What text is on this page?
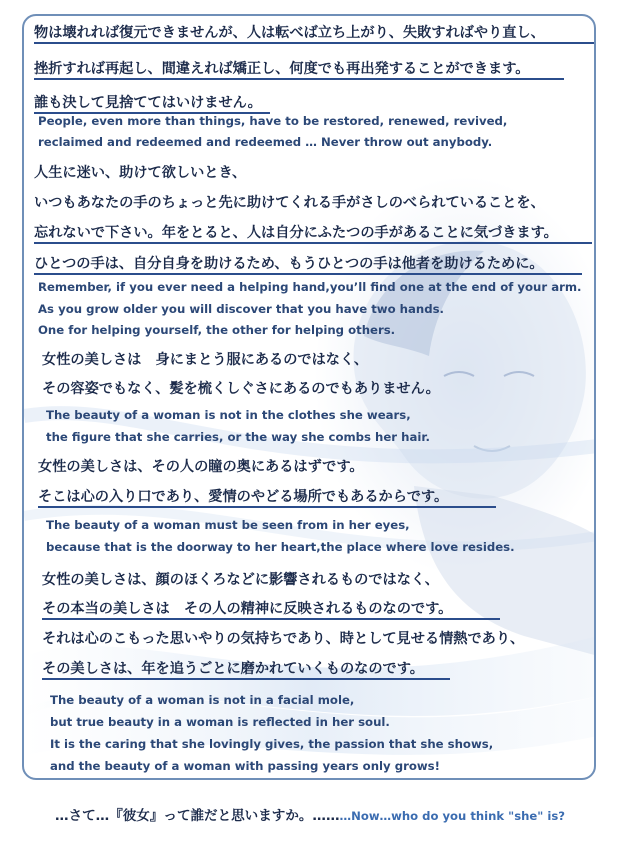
物は壊れれば復元できませんが、人は転べば立ち上がり、失敗すればやり直し、
挫折すれば再起し、間違えれば矯正し、何度でも再出発することができます。
誰も決して見捨ててはいけません。
People, even more than things, have to be restored, renewed, revived,
reclaimed and redeemed and redeemed … Never throw out anybody.
人生に迷い、助けて欲しいとき、
いつもあなたの手のちょっと先に助けてくれる手がさしのべられていることを、
忘れないで下さい。年をとると、人は自分にふたつの手があることに気づきます。
ひとつの手は、自分自身を助けるため、もうひとつの手は他者を助けるために。
Remember, if you ever need a helping hand,you’ll find one at the end of your arm.
As you grow older you will discover that you have two hands.
One for helping yourself, the other for helping others.
女性の美しさは　身にまとう服にあるのではなく、
その容姿でもなく、髪を梳くしぐさにあるのでもありません。
The beauty of a woman is not in the clothes she wears,
the figure that she carries, or the way she combs her hair.
女性の美しさは、その人の瞳の奥にあるはずです。
そこは心の入り口であり、愛情のやどる場所でもあるからです。
The beauty of a woman must be seen from in her eyes,
because that is the doorway to her heart,the place where love resides.
女性の美しさは、顔のほくろなどに影響されるものではなく、
その本当の美しさは　その人の精神に反映されるものなのです。
それは心のこもった思いやりの気持ちであり、時として見せる情熱であり、
その美しさは、年を追うごとに磨かれていくものなのです。
The beauty of a woman is not in a facial mole,
but true beauty in a woman is reflected in her soul.
It is the caring that she lovingly gives, the passion that she shows,
and the beauty of a woman with passing years only grows!
…さて…『彼女』って誰だと思いますか。………Now…who do you think "she" is?
